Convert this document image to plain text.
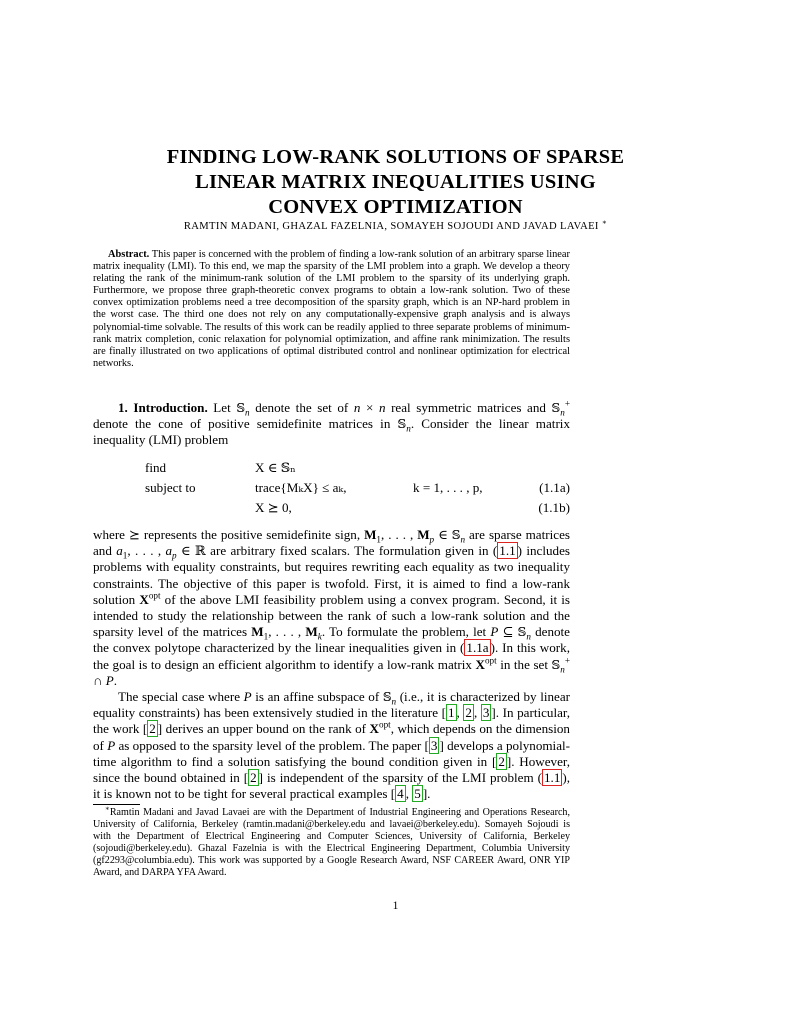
FINDING LOW-RANK SOLUTIONS OF SPARSE
LINEAR MATRIX INEQUALITIES USING
CONVEX OPTIMIZATION
RAMTIN MADANI, GHAZAL FAZELNIA, SOMAYEH SOJOUDI AND JAVAD LAVAEI ∗

Abstract. This paper is concerned with the problem of finding a low-rank solution of an arbitrary sparse linear matrix inequality (LMI). To this end, we map the sparsity of the LMI problem into a graph. We develop a theory relating the rank of the minimum-rank solution of the LMI problem to the sparsity of its underlying graph. Furthermore, we propose three graph-theoretic convex programs to obtain a low-rank solution. Two of these convex optimization problems need a tree decomposition of the sparsity graph, which is an NP-hard problem in the worst case. The third one does not rely on any computationally-expensive graph analysis and is always polynomial-time solvable. The results of this work can be readily applied to three separate problems of minimum-rank matrix completion, conic relaxation for polynomial optimization, and affine rank minimization. The results are finally illustrated on two applications of optimal distributed control and nonlinear optimization for electrical networks.

1. Introduction. Let 𝕊$_n$ denote the set of n × n real symmetric matrices and 𝕊$_n$+ denote the cone of positive semidefinite matrices in 𝕊$_n$. Consider the linear matrix inequality (LMI) problem

find	X ∈ 𝕊ₙ
subject to	trace{MₖX} ≤ aₖ,	k = 1, . . . , p,	(1.1a)
X ⪰ 0,	(1.1b)

where ⪰ represents the positive semidefinite sign, $M_1$, . . . , $M_p$ ∈ 𝕊$_n$ are sparse matrices and $a_1$, . . . , $a_p$ ∈ ℝ are arbitrary fixed scalars. The formulation given in ( 1.1 ) includes problems with equality constraints, but requires rewriting each equality as two inequality constraints. The objective of this paper is twofold. First, it is aimed to find a low-rank solution $X^{opt}$ of the above LMI feasibility problem using a convex program. Second, it is intended to study the relationship between the rank of such a low-rank solution and the sparsity level of the matrices $M_1$, . . . , $M_k$. To formulate the problem, let P ⊆ 𝕊$_n$ denote the convex polytope characterized by the linear inequalities given in ( 1.1a ). In this work, the goal is to design an efficient algorithm to identify a low-rank matrix $X^{opt}$ in the set 𝕊$_n$+ ∩ P.

The special case where P is an affine subspace of 𝕊$_n$ (i.e., it is characterized by linear equality constraints) has been extensively studied in the literature [ 1 , 2 , 3 ]. In particular, the work [ 2 ] derives an upper bound on the rank of $X^{opt}$, which depends on the dimension of P as opposed to the sparsity level of the problem. The paper [ 3 ] develops a polynomial-time algorithm to find a solution satisfying the bound condition given in [ 2 ]. However, since the bound obtained in [ 2 ] is independent of the sparsity of the LMI problem ( 1.1 ), it is known not to be tight for several practical examples [ 4 , 5 ].

∗Ramtin Madani and Javad Lavaei are with the Department of Industrial Engineering and Operations Research, University of California, Berkeley (ramtin.madani@berkeley.edu and lavaei@berkeley.edu). Somayeh Sojoudi is with the Department of Electrical Engineering and Computer Sciences, University of California, Berkeley (sojoudi@berkeley.edu). Ghazal Fazelnia is with the Electrical Engineering Department, Columbia University (gf2293@columbia.edu). This work was supported by a Google Research Award, NSF CAREER Award, ONR YIP Award, and DARPA YFA Award.

1
